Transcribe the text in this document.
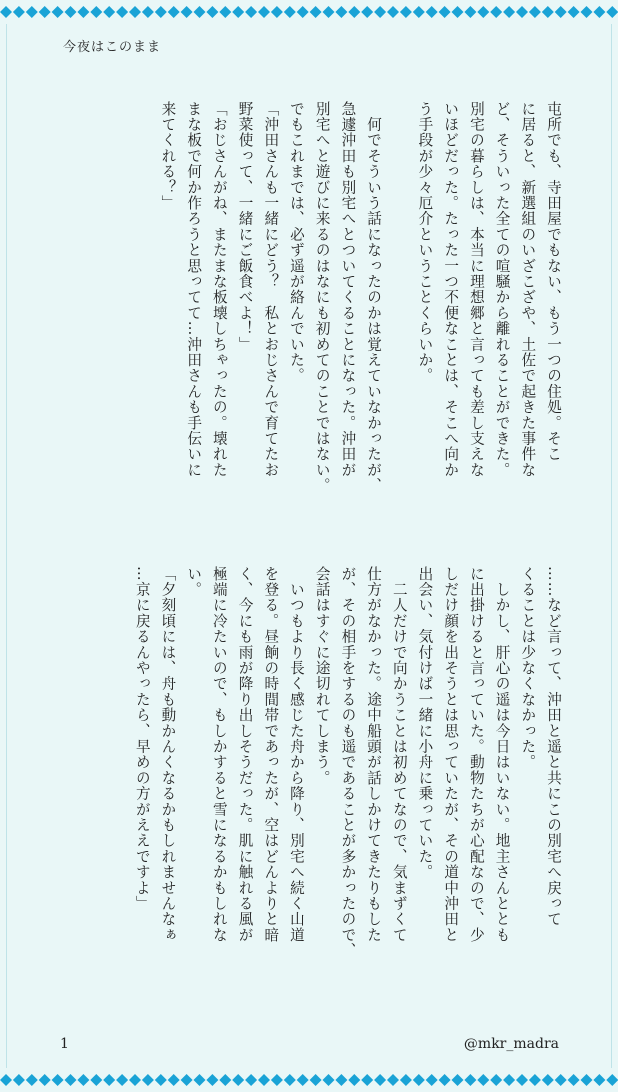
今夜はこのまま
屯所でも、寺田屋でもない、もう一つの住処。そこ
に居ると、新選組のいざこざや、土佐で起きた事件な
ど、そういった全ての喧騒から離れることができた。
別宅の暮らしは、本当に理想郷と言っても差し支えな
いほどだった。たった一つ不便なことは、そこへ向か
う手段が少々厄介ということくらいか。

　何でそういう話になったのかは覚えていなかったが、
急遽沖田も別宅へとついてくることになった。沖田が
別宅へと遊びに来るのはなにも初めてのことではない。
でもこれまでは、必ず遥が絡んでいた。
「沖田さんも一緒にどう？　私とおじさんで育てたお
野菜使って、一緒にご飯食べよ！」
「おじさんがね、またまな板壊しちゃったの。壊れた
まな板で何か作ろうと思ってて…沖田さんも手伝いに
来てくれる？」
……など言って、沖田と遥と共にこの別宅へ戻って
くることは少なくなかった。
　しかし、肝心の遥は今日はいない。地主さんととも
に出掛けると言っていた。動物たちが心配なので、少
しだけ顔を出そうとは思っていたが、その道中沖田と
出会い、気付けば一緒に小舟に乗っていた。
　二人だけで向かうことは初めてなので、気まずくて
仕方がなかった。途中船頭が話しかけてきたりもした
が、その相手をするのも遥であることが多かったので、
会話はすぐに途切れてしまう。
　いつもより長く感じた舟から降り、別宅へ続く山道
を登る。昼餉の時間帯であったが、空はどんよりと暗
く、今にも雨が降り出しそうだった。肌に触れる風が
極端に冷たいので、もしかすると雪になるかもしれな
い。
「夕刻頃には、舟も動かんくなるかもしれませんなぁ
…京に戻るんやったら、早めの方がええですよ」
1	@mkr_madra
